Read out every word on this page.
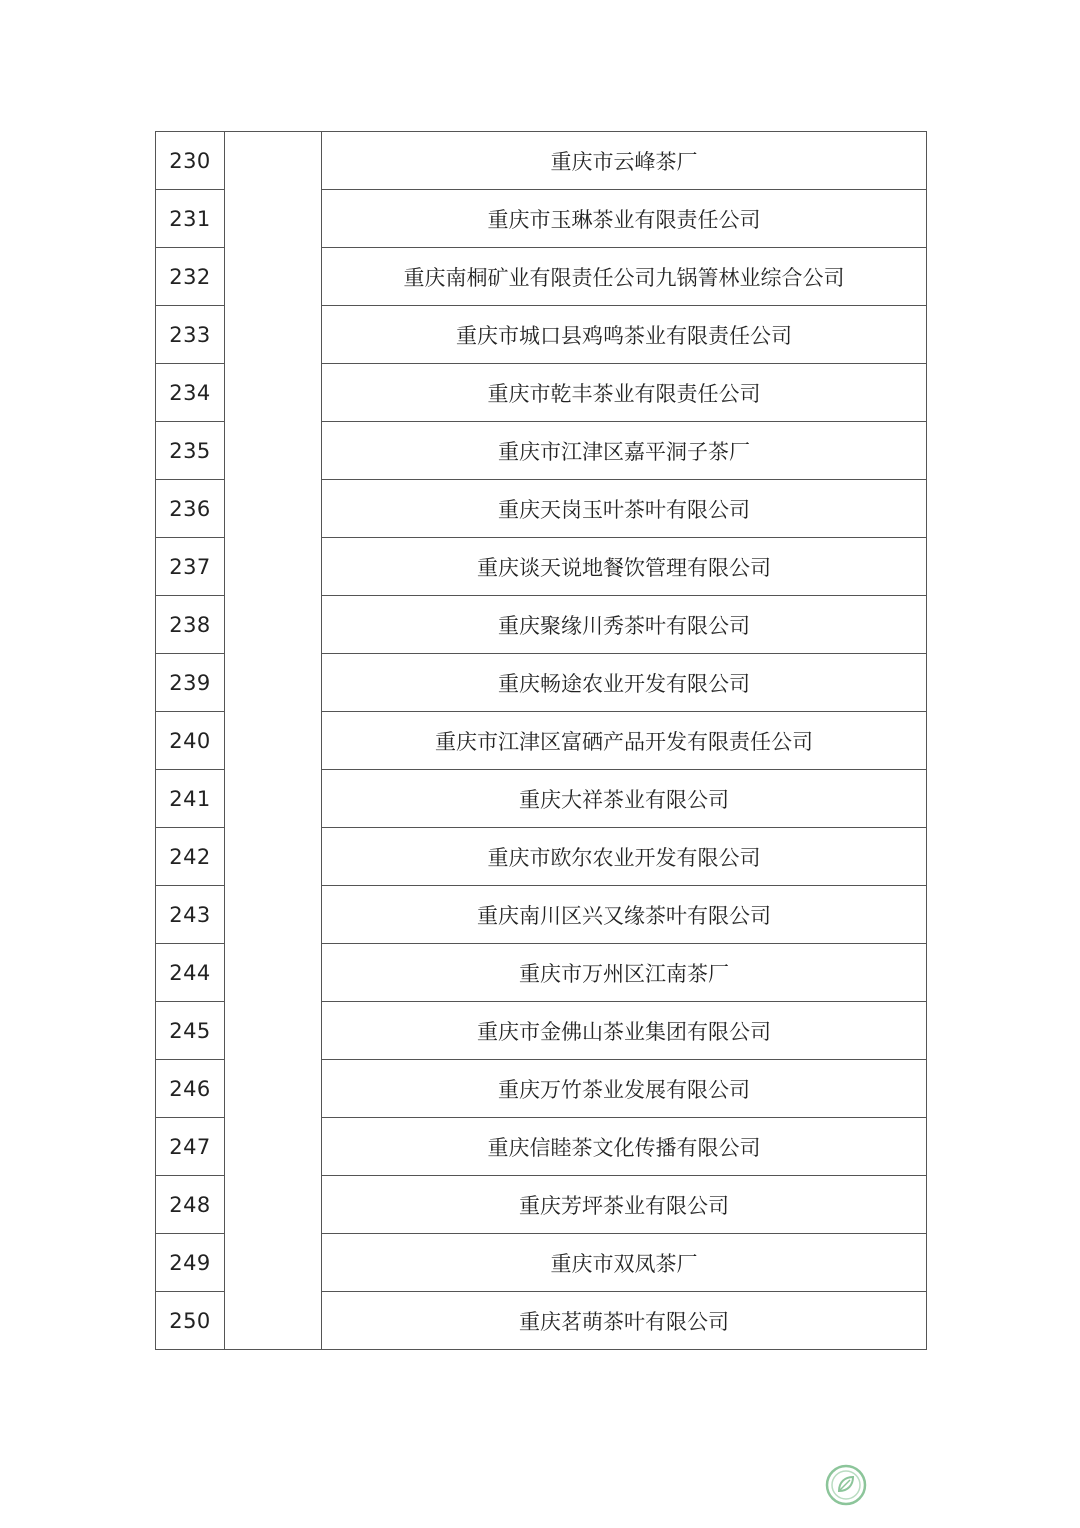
230		重庆市云峰茶厂
231		重庆市玉琳茶业有限责任公司
232		重庆南桐矿业有限责任公司九锅箐林业综合公司
233		重庆市城口县鸡鸣茶业有限责任公司
234		重庆市乾丰茶业有限责任公司
235		重庆市江津区嘉平洞子茶厂
236		重庆天岗玉叶茶叶有限公司
237		重庆谈天说地餐饮管理有限公司
238		重庆聚缘川秀茶叶有限公司
239		重庆畅途农业开发有限公司
240		重庆市江津区富硒产品开发有限责任公司
241		重庆大祥茶业有限公司
242		重庆市欧尔农业开发有限公司
243		重庆南川区兴又缘茶叶有限公司
244		重庆市万州区江南茶厂
245		重庆市金佛山茶业集团有限公司
246		重庆万竹茶业发展有限公司
247		重庆信睦茶文化传播有限公司
248		重庆芳坪茶业有限公司
249		重庆市双凤茶厂
250		重庆茗萌茶叶有限公司
